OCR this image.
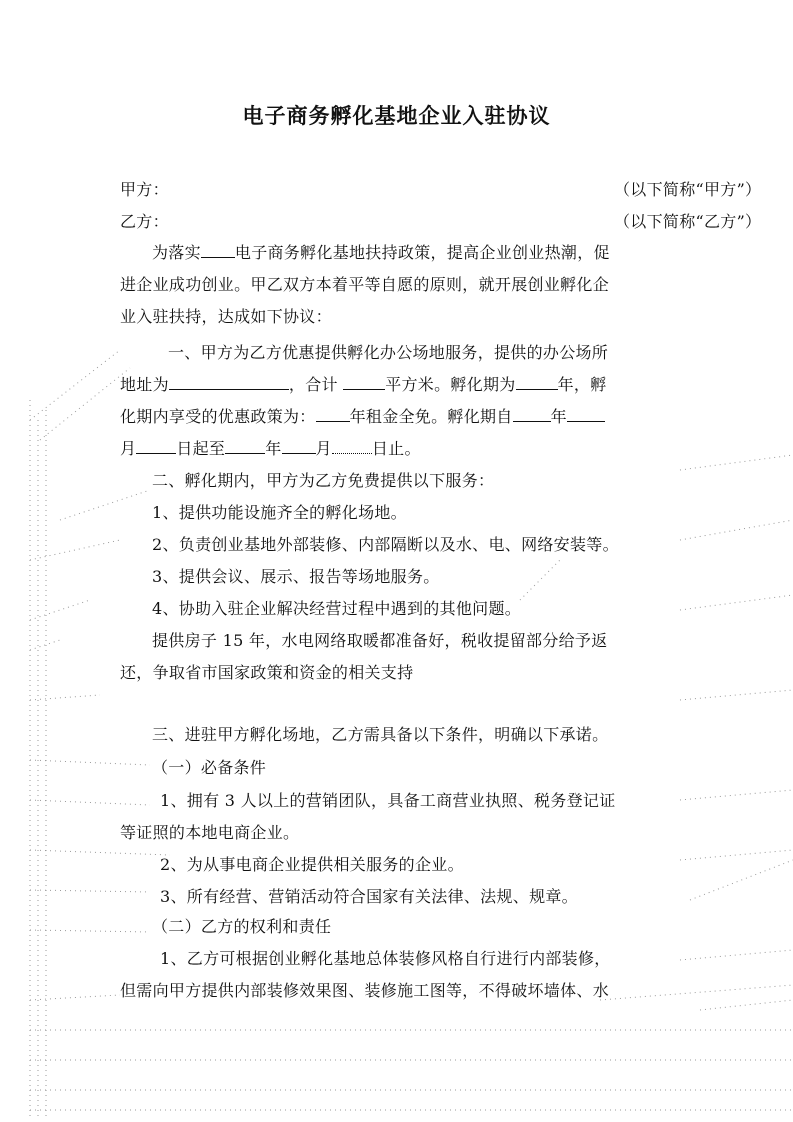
电子商务孵化基地企业入驻协议
甲方：	（以下简称“甲方”）
乙方：	（以下简称“乙方”）
为落实 电子商务孵化基地扶持政策，提高企业创业热潮，促
进企业成功创业。甲乙双方本着平等自愿的原则，就开展创业孵化企
业入驻扶持，达成如下协议：
一、甲方为乙方优惠提供孵化办公场地服务，提供的办公场所
地址为	，合计	平方米。孵化期为	年，孵
化期内享受的优惠政策为： 年租金全免。孵化期自 年
月	日起至	年 月	日止。
二、孵化期内，甲方为乙方免费提供以下服务：
1、提供功能设施齐全的孵化场地。
2、负责创业基地外部装修、内部隔断以及水、电、网络安装等。
3、提供会议、展示、报告等场地服务。
4、协助入驻企业解决经营过程中遇到的其他问题。
提供房子 15 年，水电网络取暖都准备好，税收提留部分给予返
还，争取省市国家政策和资金的相关支持
三、进驻甲方孵化场地，乙方需具备以下条件，明确以下承诺。
（一）必备条件
1、拥有 3 人以上的营销团队，具备工商营业执照、税务登记证
等证照的本地电商企业。
2、为从事电商企业提供相关服务的企业。
3、所有经营、营销活动符合国家有关法律、法规、规章。
（二）乙方的权利和责任
1、乙方可根据创业孵化基地总体装修风格自行进行内部装修，
但需向甲方提供内部装修效果图、装修施工图等，不得破坏墙体、水
